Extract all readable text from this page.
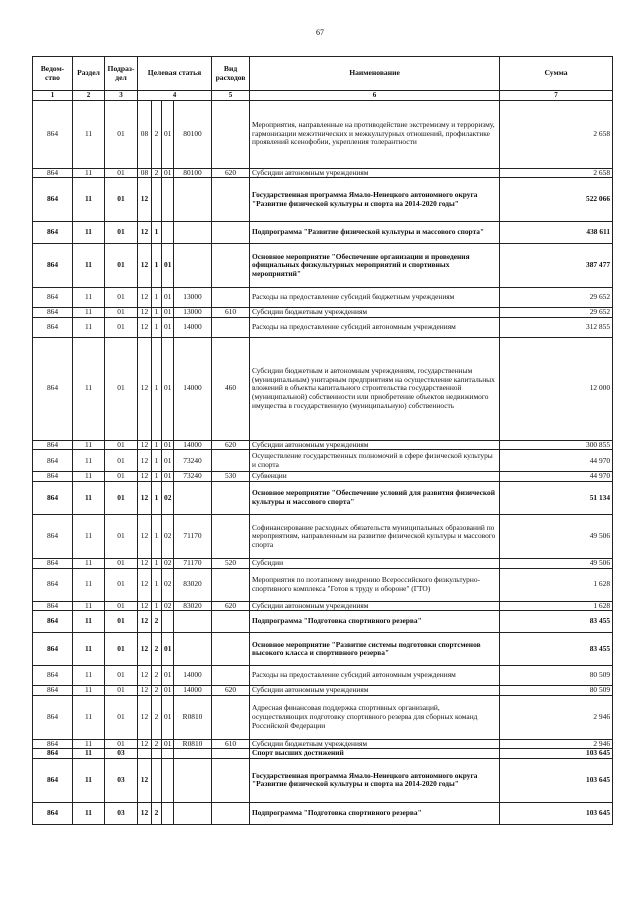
67
Ведом-ство	Раздел	Подраз-дел	Целевая статья				Вид расходов	Наименование	Сумма
1	2	3	4				5	6	7
864	11	01	08	2	01	80100		Мероприятия, направленные на противодействие экстремизму и терроризму, гармонизации межэтнических и межкультурных отношений, профилактике проявлений ксенофобии, укрепления толерантности	2 658
864	11	01	08	2	01	80100	620	Субсидии автономным учреждениям	2 658
864	11	01	12					Государственная программа Ямало-Ненецкого автономного округа "Развитие физической культуры и спорта на 2014-2020 годы"	522 066
864	11	01	12	1				Подпрограмма "Развитие физической культуры и массового спорта"	438 611
864	11	01	12	1	01			Основное мероприятие "Обеспечение организации и проведения официальных физкультурных мероприятий и спортивных мероприятий"	387 477
864	11	01	12	1	01	13000		Расходы на предоставление субсидий бюджетным учреждениям	29 652
864	11	01	12	1	01	13000	610	Субсидии бюджетным учреждениям	29 652
864	11	01	12	1	01	14000		Расходы на предоставление субсидий автономным учреждениям	312 855
864	11	01	12	1	01	14000	460	Субсидии бюджетным и автономным учреждениям, государственным (муниципальным) унитарным предприятиям на осуществление капитальных вложений в объекты капитального строительства государственной (муниципальной) собственности или приобретение объектов недвижимого имущества в государственную (муниципальную) собственность	12 000
864	11	01	12	1	01	14000	620	Субсидии автономным учреждениям	300 855
864	11	01	12	1	01	73240		Осуществление государственных полномочий в сфере физической культуры и спорта	44 970
864	11	01	12	1	01	73240	530	Субвенции	44 970
864	11	01	12	1	02			Основное мероприятие "Обеспечение условий для развития физической культуры и массового спорта"	51 134
864	11	01	12	1	02	71170		Софинансирование расходных обязательств муниципальных образований по мероприятиям, направленным на развитие физической культуры и массового спорта	49 506
864	11	01	12	1	02	71170	520	Субсидии	49 506
864	11	01	12	1	02	83020		Мероприятия по поэтапному внедрению Всероссийского физкультурно-спортивного комплекса "Готов к труду и обороне" (ГТО)	1 628
864	11	01	12	1	02	83020	620	Субсидии автономным учреждениям	1 628
864	11	01	12	2				Подпрограмма "Подготовка спортивного резерва"	83 455
864	11	01	12	2	01			Основное мероприятие "Развитие системы подготовки спортсменов высокого класса и спортивного резерва"	83 455
864	11	01	12	2	01	14000		Расходы на предоставление субсидий автономным учреждениям	80 509
864	11	01	12	2	01	14000	620	Субсидии автономным учреждениям	80 509
864	11	01	12	2	01	R0810		Адресная финансовая поддержка спортивных организаций, осуществляющих подготовку спортивного резерва для сборных команд Российской Федерации	2 946
864	11	01	12	2	01	R0810	610	Субсидии бюджетным учреждениям	2 946
864	11	03						Спорт высших достижений	103 645
864	11	03	12					Государственная программа Ямало-Ненецкого автономного округа "Развитие физической культуры и спорта на 2014-2020 годы"	103 645
864	11	03	12	2				Подпрограмма "Подготовка спортивного резерва"	103 645
